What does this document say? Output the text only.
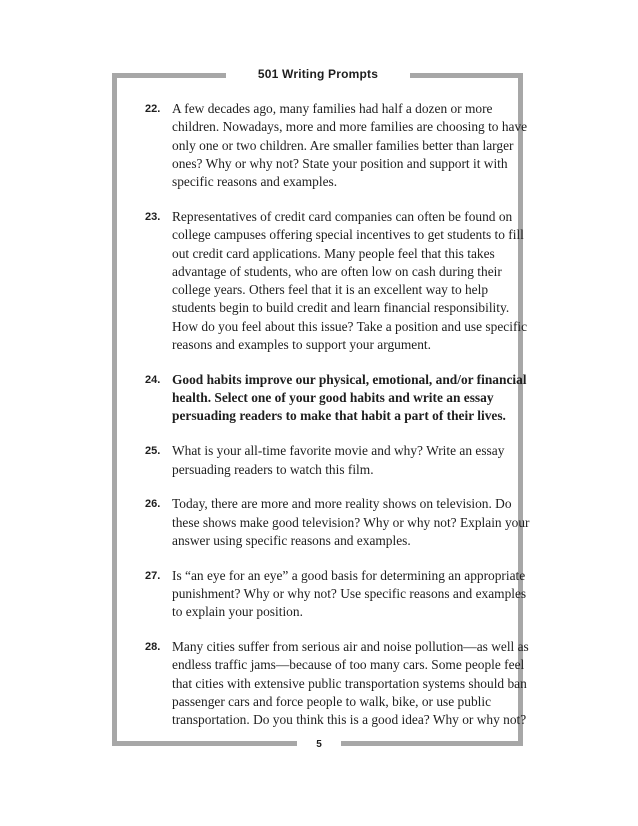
501 Writing Prompts
22. A few decades ago, many families had half a dozen or more
children. Nowadays, more and more families are choosing to have
only one or two children. Are smaller families better than larger
ones? Why or why not? State your position and support it with
specific reasons and examples.
23. Representatives of credit card companies can often be found on
college campuses offering special incentives to get students to fill
out credit card applications. Many people feel that this takes
advantage of students, who are often low on cash during their
college years. Others feel that it is an excellent way to help
students begin to build credit and learn financial responsibility.
How do you feel about this issue? Take a position and use specific
reasons and examples to support your argument.
24. Good habits improve our physical, emotional, and/or financial
health. Select one of your good habits and write an essay
persuading readers to make that habit a part of their lives.
25. What is your all-time favorite movie and why? Write an essay
persuading readers to watch this film.
26. Today, there are more and more reality shows on television. Do
these shows make good television? Why or why not? Explain your
answer using specific reasons and examples.
27. Is “an eye for an eye” a good basis for determining an appropriate
punishment? Why or why not? Use specific reasons and examples
to explain your position.
28. Many cities suffer from serious air and noise pollution—as well as
endless traffic jams—because of too many cars. Some people feel
that cities with extensive public transportation systems should ban
passenger cars and force people to walk, bike, or use public
transportation. Do you think this is a good idea? Why or why not?
5
